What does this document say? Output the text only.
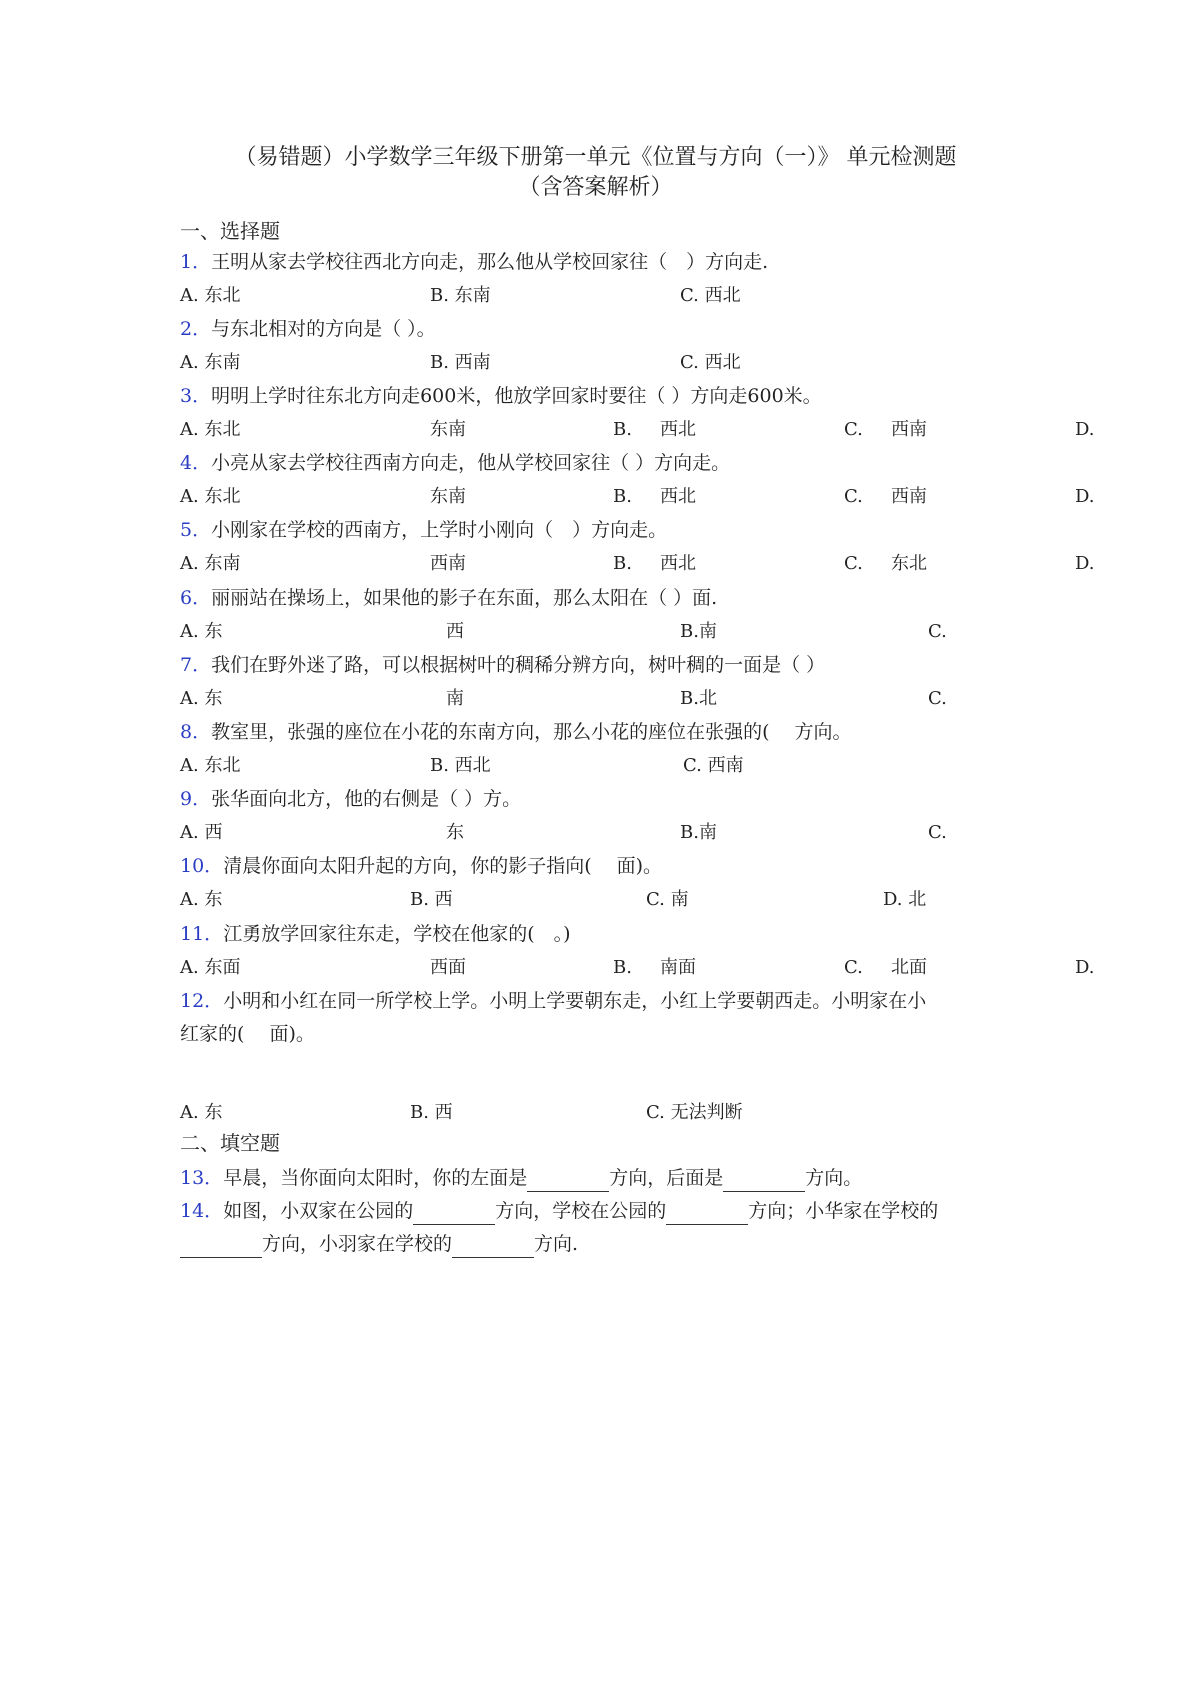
（易错题）小学数学三年级下册第一单元《位置与方向（一）》 单元检测题
（含答案解析）
一、选择题
1．王明从家去学校往西北方向走，那么他从学校回家往（　）方向走.
A. 东北	B. 东南	C. 西北
2．与东北相对的方向是（ ）。
A. 东南	B. 西南	C. 西北
3．明明上学时往东北方向走600米，他放学回家时要往（ ）方向走600米。
A. 东北	东南	B. 西北	C. 西南	D.
4．小亮从家去学校往西南方向走，他从学校回家往（ ）方向走。
A. 东北	东南	B. 西北	C. 西南	D.
5．小刚家在学校的西南方，上学时小刚向（　）方向走。
A. 东南	西南	B. 西北	C. 东北	D.
6．丽丽站在操场上，如果他的影子在东面，那么太阳在（ ）面.
A. 东	西	B.南	C.
7．我们在野外迷了路，可以根据树叶的稠稀分辨方向，树叶稠的一面是（ ）
A. 东	南	B.北	C.
8．教室里，张强的座位在小花的东南方向，那么小花的座位在张强的(　 方向。
A. 东北	B. 西北	C. 西南
9．张华面向北方，他的右侧是（ ）方。
A. 西	东	B.南	C.
10．清晨你面向太阳升起的方向，你的影子指向(　 面)。
A. 东	B. 西	C. 南	D. 北
11．江勇放学回家往东走，学校在他家的(　。)
A. 东面	西面	B. 南面	C. 北面	D.
12．小明和小红在同一所学校上学。小明上学要朝东走，小红上学要朝西走。小明家在小
红家的(　 面)。
A. 东	B. 西	C. 无法判断
二、填空题
13．早晨，当你面向太阳时，你的左面是	方向，后面是	方向。
14．如图，小双家在公园的	方向，学校在公园的	方向；小华家在学校的
方向，小羽家在学校的	方向.
